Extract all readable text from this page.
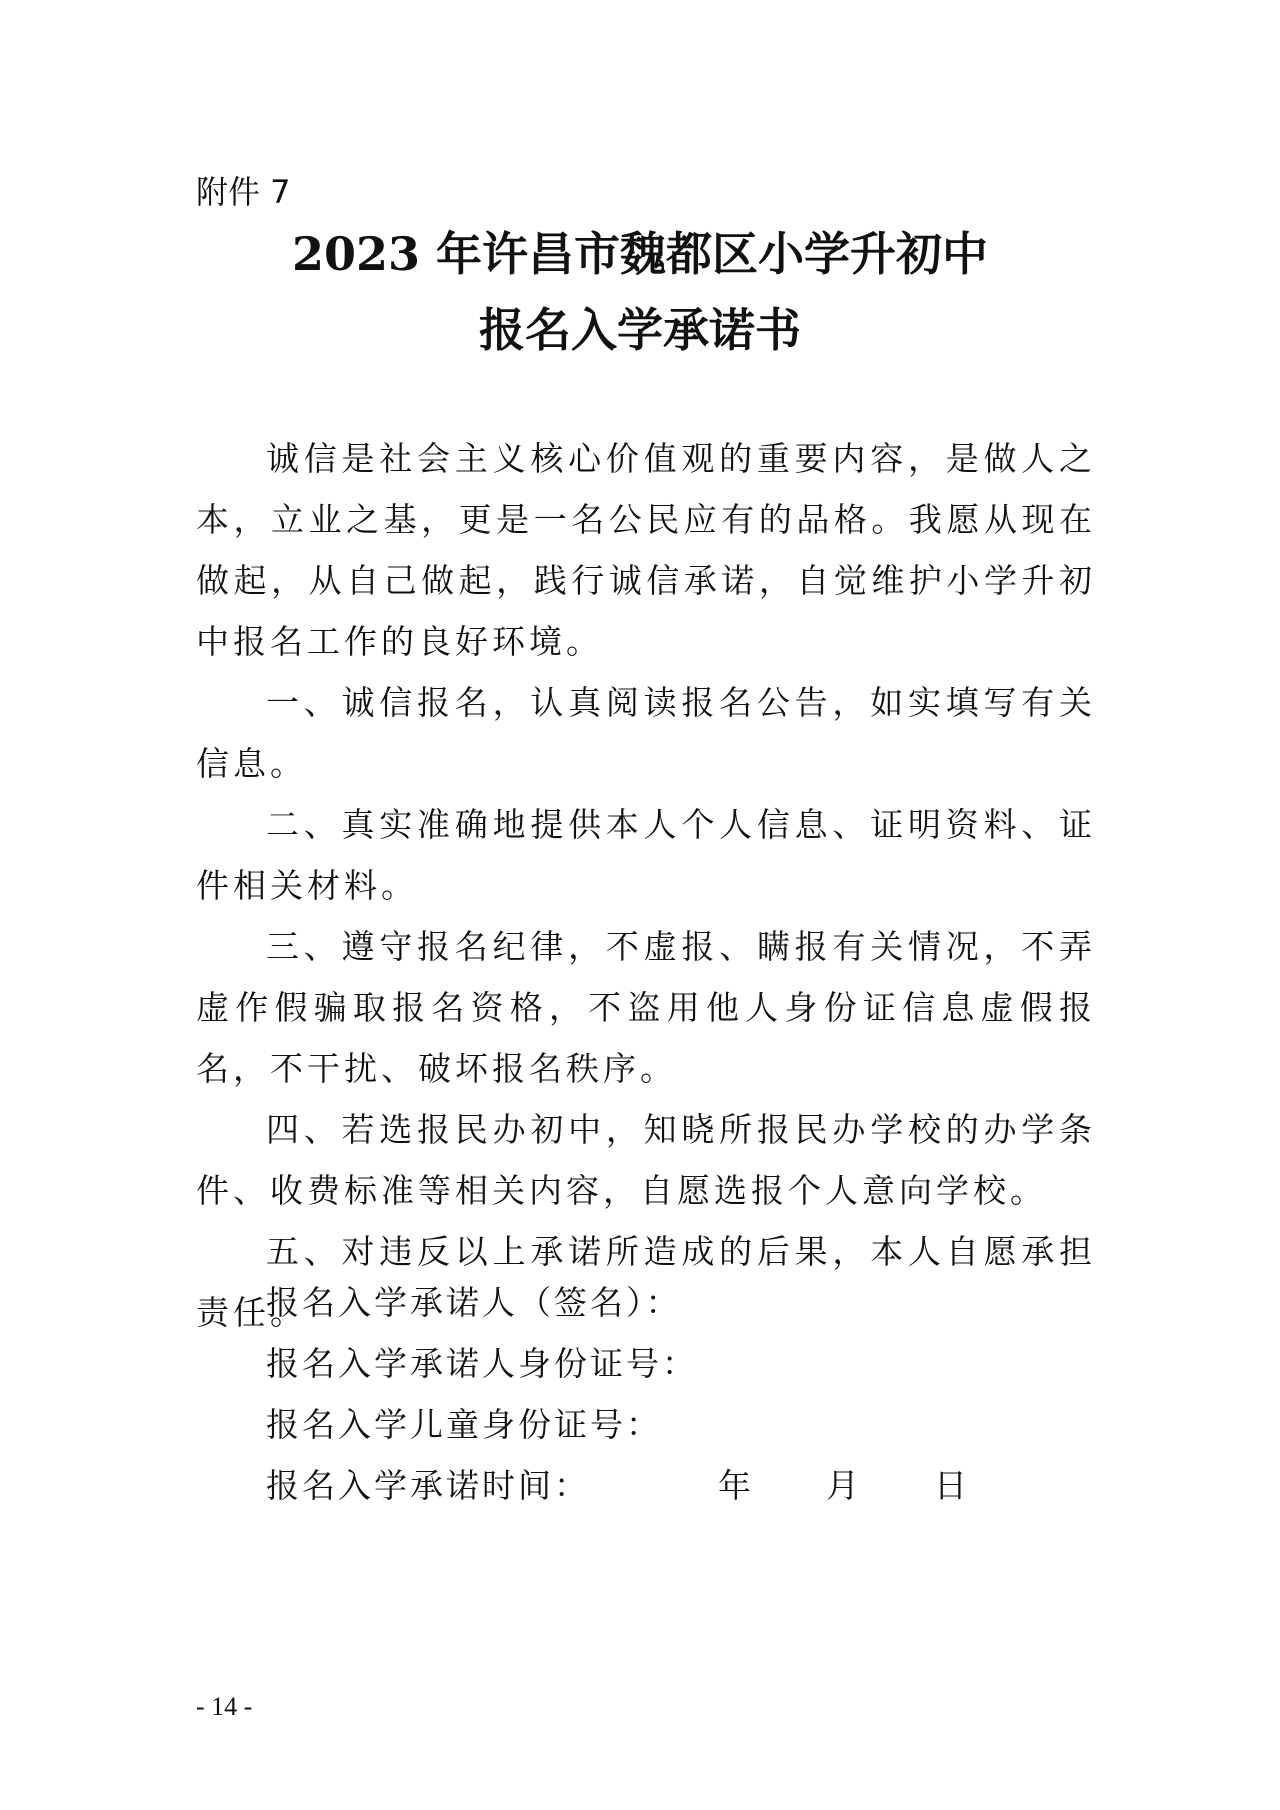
附件 7
2023 年许昌市魏都区小学升初中
报名入学承诺书

诚信是社会主义核心价值观的重要内容，是做人之本，立业之基，更是一名公民应有的品格。我愿从现在做起，从自己做起，践行诚信承诺，自觉维护小学升初中报名工作的良好环境。

一、诚信报名，认真阅读报名公告，如实填写有关信息。

二、真实准确地提供本人个人信息、证明资料、证件相关材料。

三、遵守报名纪律，不虚报、瞒报有关情况，不弄虚作假骗取报名资格，不盗用他人身份证信息虚假报名，不干扰、破坏报名秩序。

四、若选报民办初中，知晓所报民办学校的办学条件、收费标准等相关内容，自愿选报个人意向学校。

五、对违反以上承诺所造成的后果，本人自愿承担责任。

报名入学承诺人（签名）：
报名入学承诺人身份证号：
报名入学儿童身份证号：
报名入学承诺时间：	年 月 日
- 14 -
